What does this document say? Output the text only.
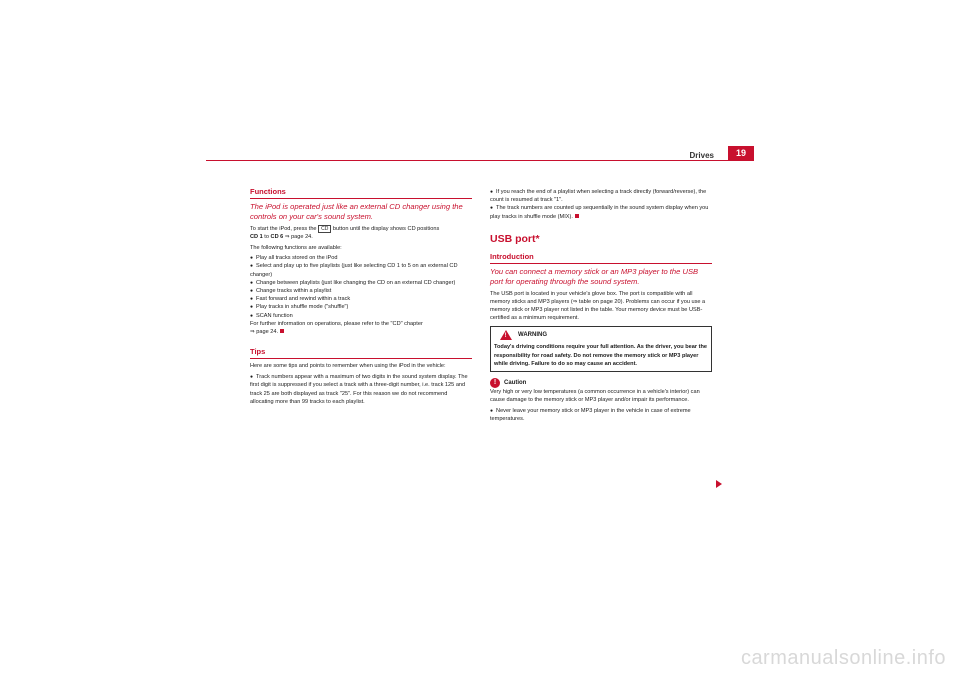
Drives	19
Functions
The iPod is operated just like an external CD changer using the controls on your car's sound system.

To start the iPod, press the CD button until the display shows CD positions
CD 1 to CD 6 ⇒ page 24.

The following functions are available:

● Play all tracks stored on the iPod

● Select and play up to five playlists (just like selecting CD 1 to 5 on an external CD changer)

● Change between playlists (just like changing the CD on an external CD changer)

● Change tracks within a playlist

● Fast forward and rewind within a track

● Play tracks in shuffle mode ("shuffle")

● SCAN function

For further information on operations, please refer to the "CD" chapter
⇒ page 24.

Tips

Here are some tips and points to remember when using the iPod in the vehicle:

● Track numbers appear with a maximum of two digits in the sound system display. The first digit is suppressed if you select a track with a three-digit number, i.e. track 125 and track 25 are both displayed as track "25". For this reason we do not recommend allocating more than 99 tracks to each playlist.

● If you reach the end of a playlist when selecting a track directly (forward/reverse), the count is resumed at track "1".

● The track numbers are counted up sequentially in the sound system display when you play tracks in shuffle mode (MIX).

USB port*
Introduction
You can connect a memory stick or an MP3 player to the USB port for operating through the sound system.

The USB port is located in your vehicle's glove box. The port is compatible with all memory sticks and MP3 players (⇒ table on page 20). Problems can occur if you use a memory stick or MP3 player not listed in the table. Your memory device must be USB-certified as a minimum requirement.

! WARNING
Today's driving conditions require your full attention. As the driver, you bear the responsibility for road safety. Do not remove the memory stick or MP3 player while driving. Failure to do so may cause an accident.
!	Caution

Very high or very low temperatures (a common occurrence in a vehicle's interior) can cause damage to the memory stick or MP3 player and/or impair its performance.

● Never leave your memory stick or MP3 player in the vehicle in case of extreme temperatures.

carmanualsonline.info
